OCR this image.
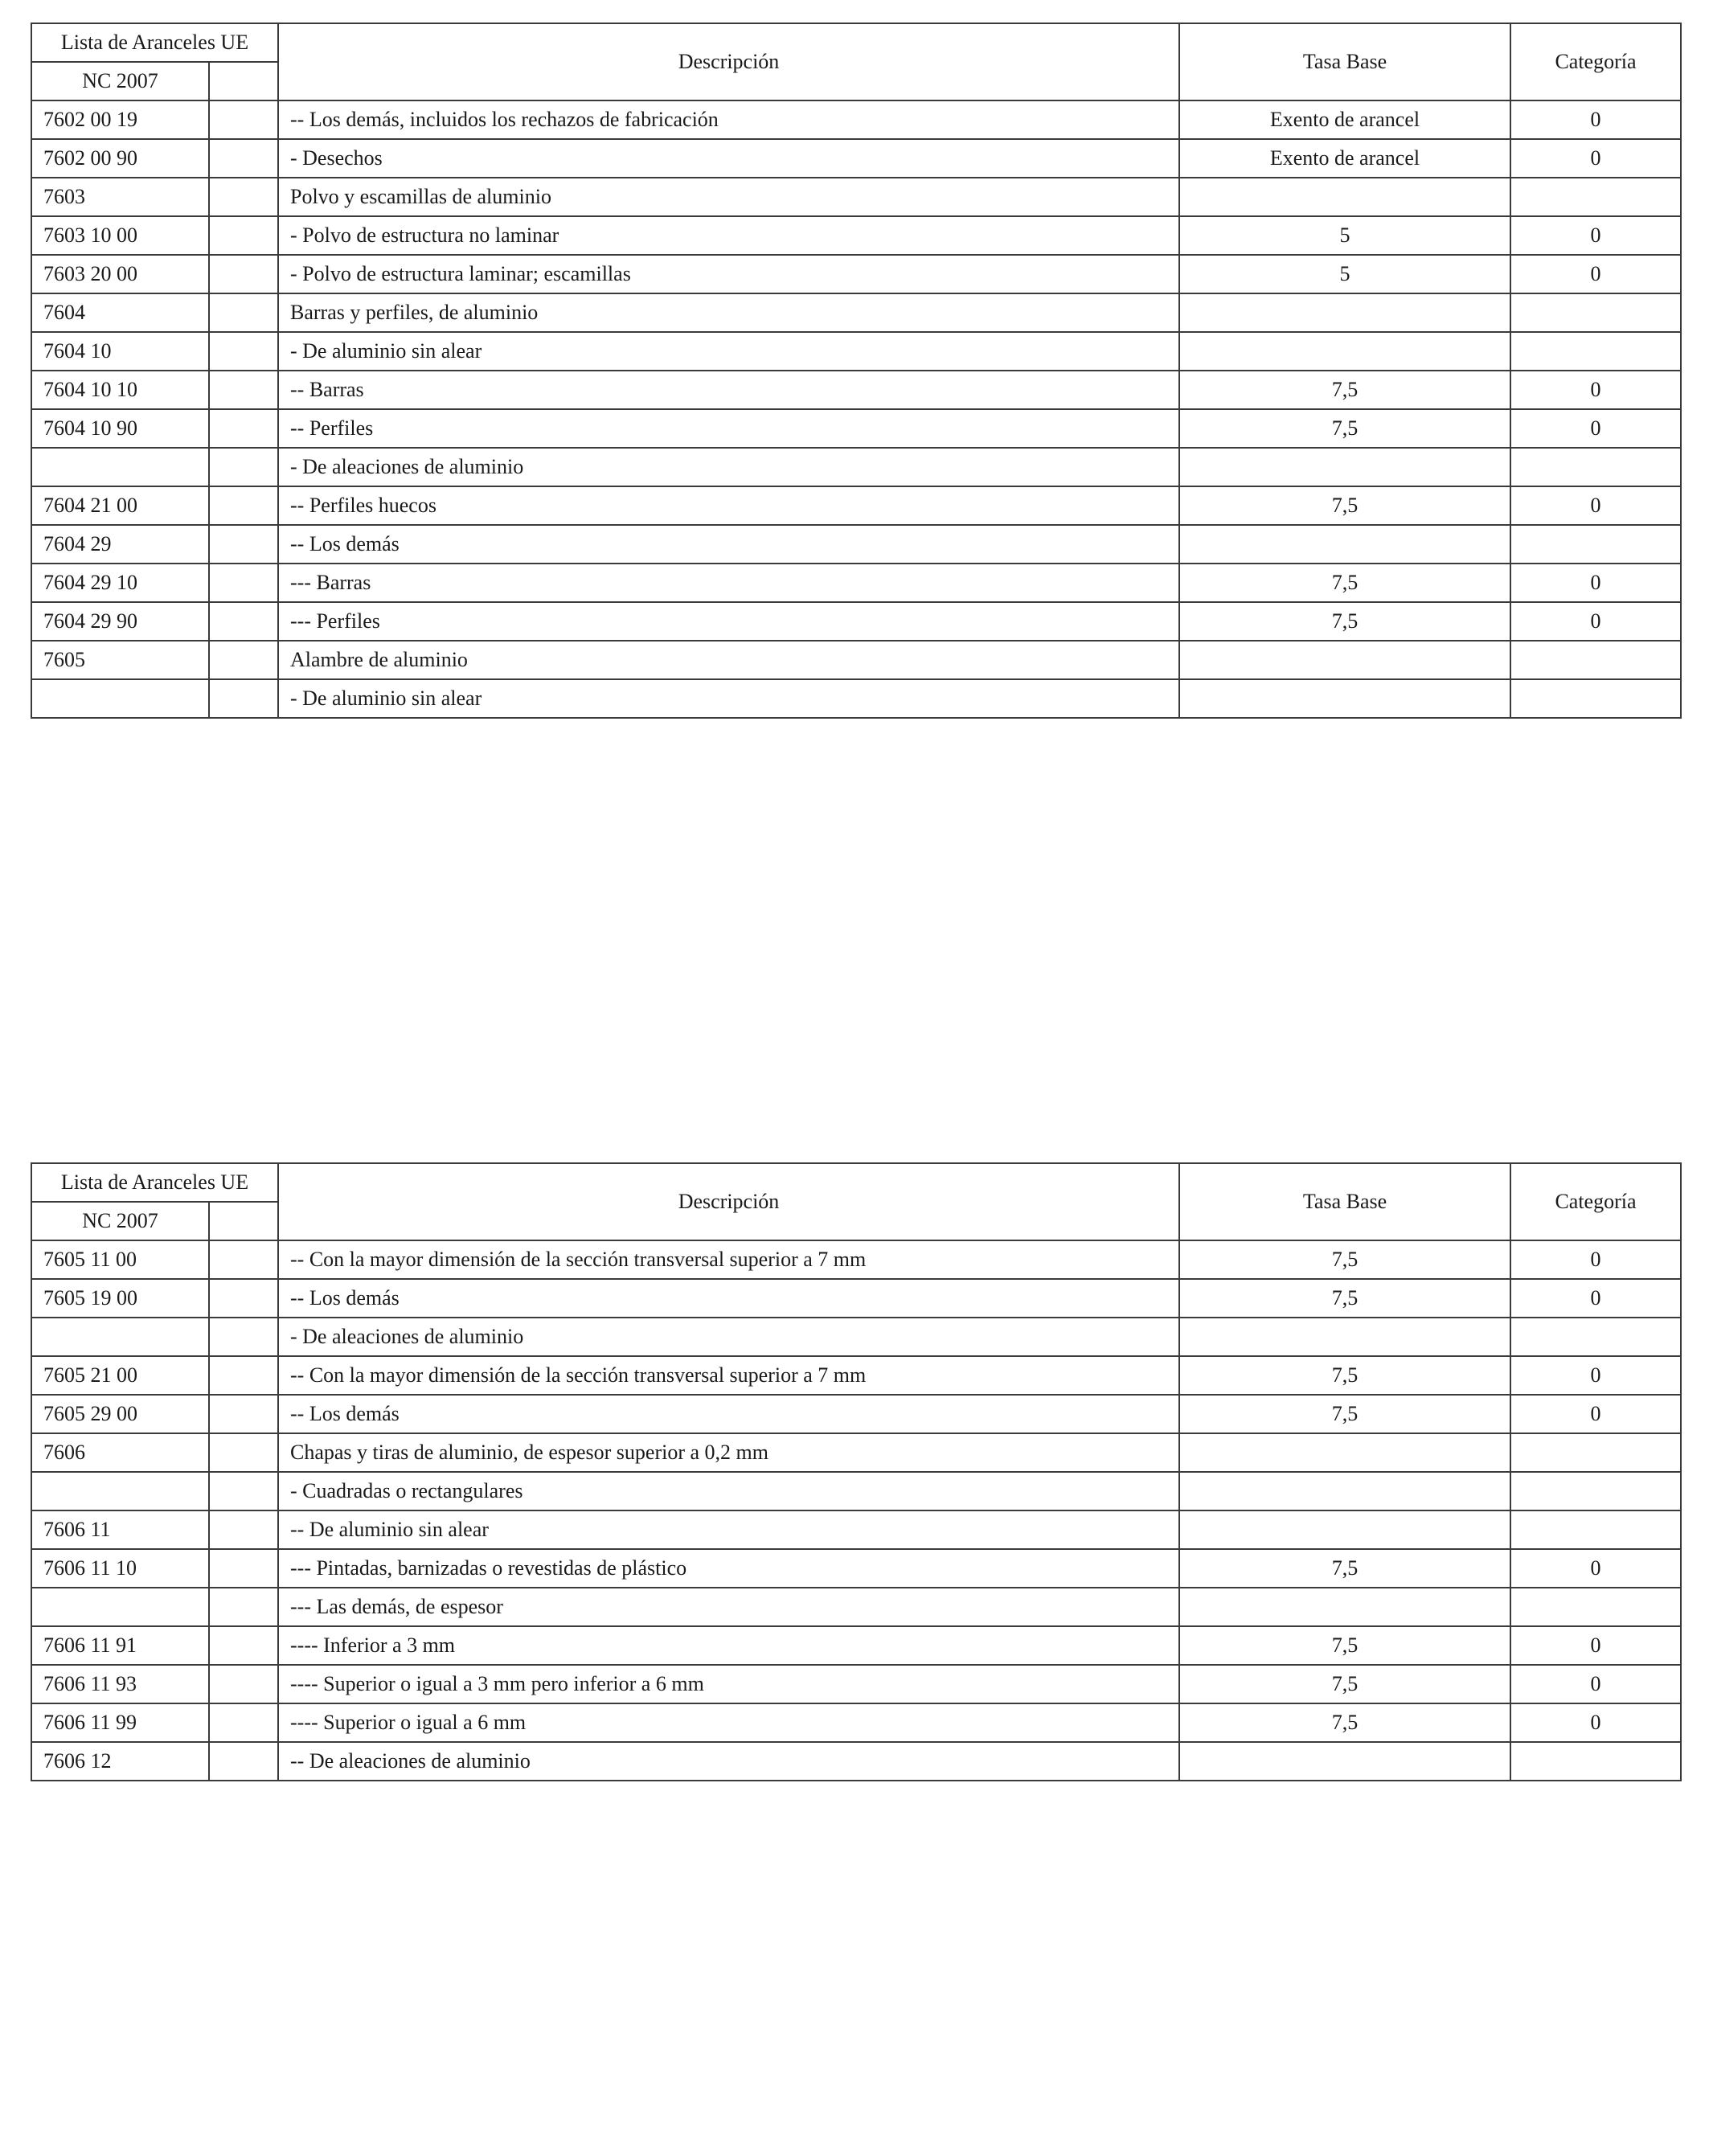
Lista de Aranceles UE		Descripción	Tasa Base	Categoría
NC 2007				
7602 00 19		-- Los demás, incluidos los rechazos de fabricación	Exento de arancel	0
7602 00 90		- Desechos	Exento de arancel	0
7603		Polvo y escamillas de aluminio		
7603 10 00		- Polvo de estructura no laminar	5	0
7603 20 00		- Polvo de estructura laminar; escamillas	5	0
7604		Barras y perfiles, de aluminio		
7604 10		- De aluminio sin alear		
7604 10 10		-- Barras	7,5	0
7604 10 90		-- Perfiles	7,5	0
		- De aleaciones de aluminio		
7604 21 00		-- Perfiles huecos	7,5	0
7604 29		-- Los demás		
7604 29 10		--- Barras	7,5	0
7604 29 90		--- Perfiles	7,5	0
7605		Alambre de aluminio		
		- De aluminio sin alear		
Lista de Aranceles UE		Descripción	Tasa Base	Categoría
NC 2007				
7605 11 00		-- Con la mayor dimensión de la sección transversal superior a 7 mm	7,5	0
7605 19 00		-- Los demás	7,5	0
		- De aleaciones de aluminio		
7605 21 00		-- Con la mayor dimensión de la sección transversal superior a 7 mm	7,5	0
7605 29 00		-- Los demás	7,5	0
7606		Chapas y tiras de aluminio, de espesor superior a 0,2 mm		
		- Cuadradas o rectangulares		
7606 11		-- De aluminio sin alear		
7606 11 10		--- Pintadas, barnizadas o revestidas de plástico	7,5	0
		--- Las demás, de espesor		
7606 11 91		---- Inferior a 3 mm	7,5	0
7606 11 93		---- Superior o igual a 3 mm pero inferior a 6 mm	7,5	0
7606 11 99		---- Superior o igual a 6 mm	7,5	0
7606 12		-- De aleaciones de aluminio		
